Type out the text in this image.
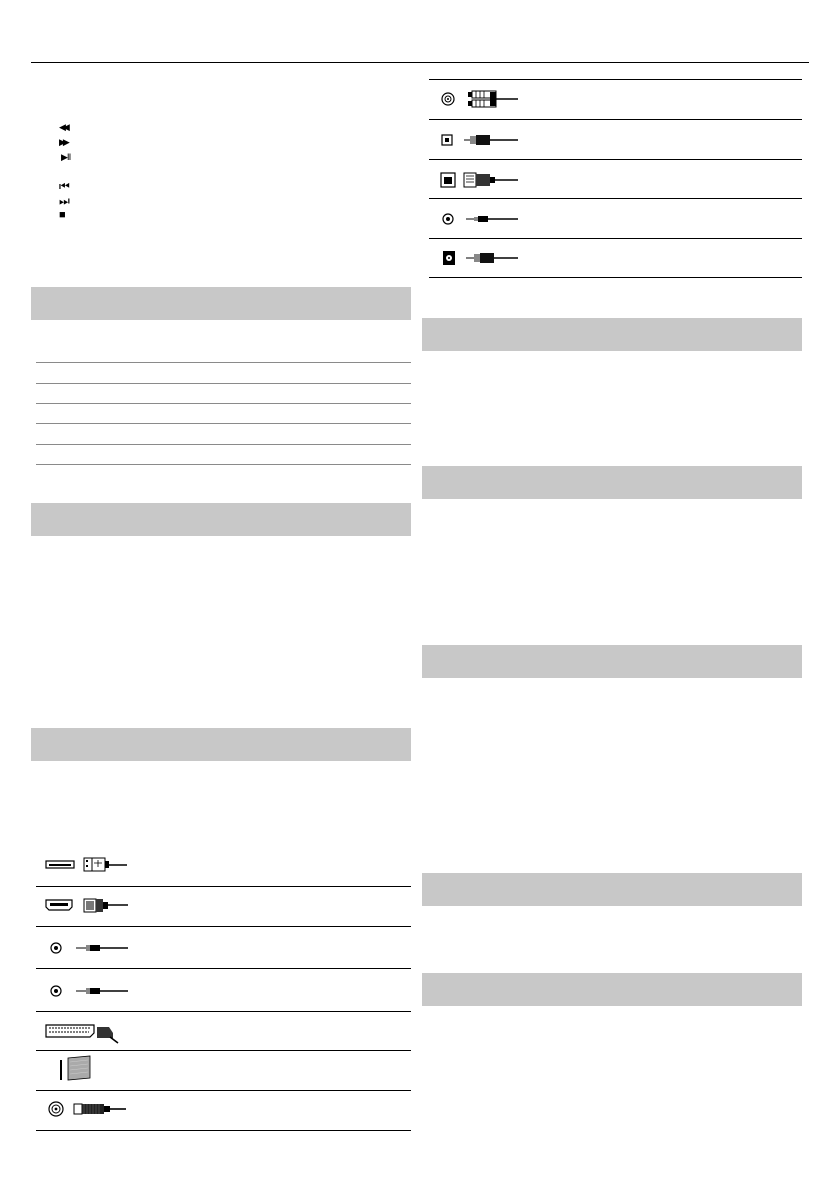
◀◀
▶▶
▶Ⅱ
⏮
⏭
■
